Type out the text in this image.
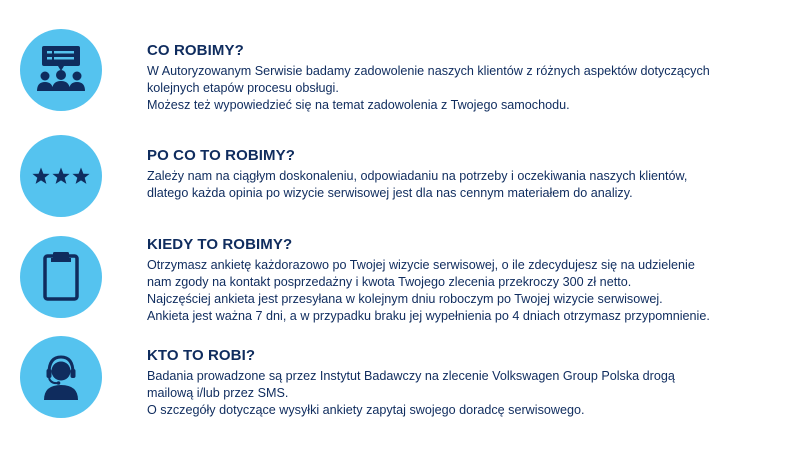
CO ROBIMY?
W Autoryzowanym Serwisie badamy zadowolenie naszych klientów z różnych aspektów dotyczących
kolejnych etapów procesu obsługi.
Możesz też wypowiedzieć się na temat zadowolenia z Twojego samochodu.
PO CO TO ROBIMY?
Zależy nam na ciągłym doskonaleniu, odpowiadaniu na potrzeby i oczekiwania naszych klientów,
dlatego każda opinia po wizycie serwisowej jest dla nas cennym materiałem do analizy.
KIEDY TO ROBIMY?
Otrzymasz ankietę każdorazowo po Twojej wizycie serwisowej, o ile zdecydujesz się na udzielenie
nam zgody na kontakt posprzedażny i kwota Twojego zlecenia przekroczy 300 zł netto.
Najczęściej ankieta jest przesyłana w kolejnym dniu roboczym po Twojej wizycie serwisowej.
Ankieta jest ważna 7 dni, a w przypadku braku jej wypełnienia po 4 dniach otrzymasz przypomnienie.
KTO TO ROBI?
Badania prowadzone są przez Instytut Badawczy na zlecenie Volkswagen Group Polska drogą
mailową i/lub przez SMS.
O szczegóły dotyczące wysyłki ankiety zapytaj swojego doradcę serwisowego.
